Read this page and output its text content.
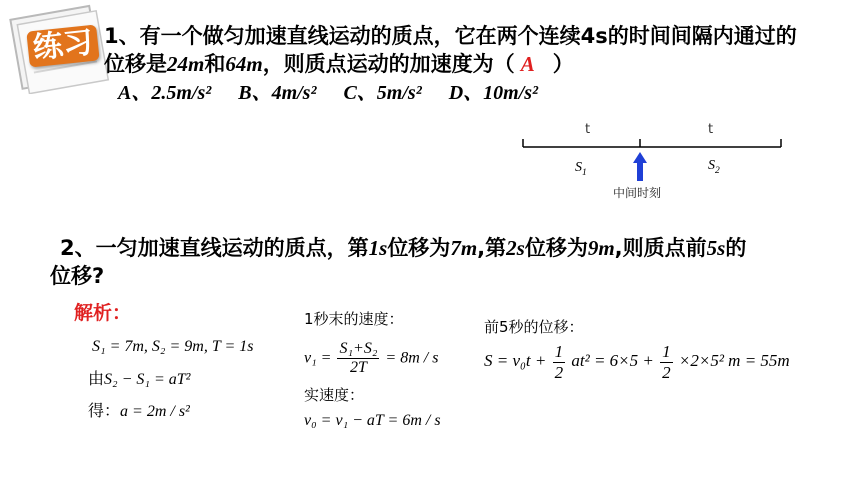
练习 1、有一个做匀加速直线运动的质点，它在两个连续4s的时间间隔内通过的
位移是24m和64m，则质点运动的加速度为（ A ）
A、2.5m/s² B、4m/s² C、5m/s² D、10m/s²
t	t
$S_1$	$S_2$
中间时刻
2、一匀加速直线运动的质点，第1s位移为7m,第2s位移为9m,则质点前5s的
位移?
解析：
S₁ = 7m, S₂ = 9m, T = 1s
由S₂ − S₁ = aT²
得：a = 2m / s²
1秒末的速度：
$v_1 = \frac{\text{S₁+S₂}}{2T} = 8m / s$
实速度：
v₀ = v₁ − aT = 6m / s
前5秒的位移：
$S = v_0t + \frac{1}{2} at^2 = 6\times 5 + \frac{1}{2} \times 2\times 5^2$ m = 55m
